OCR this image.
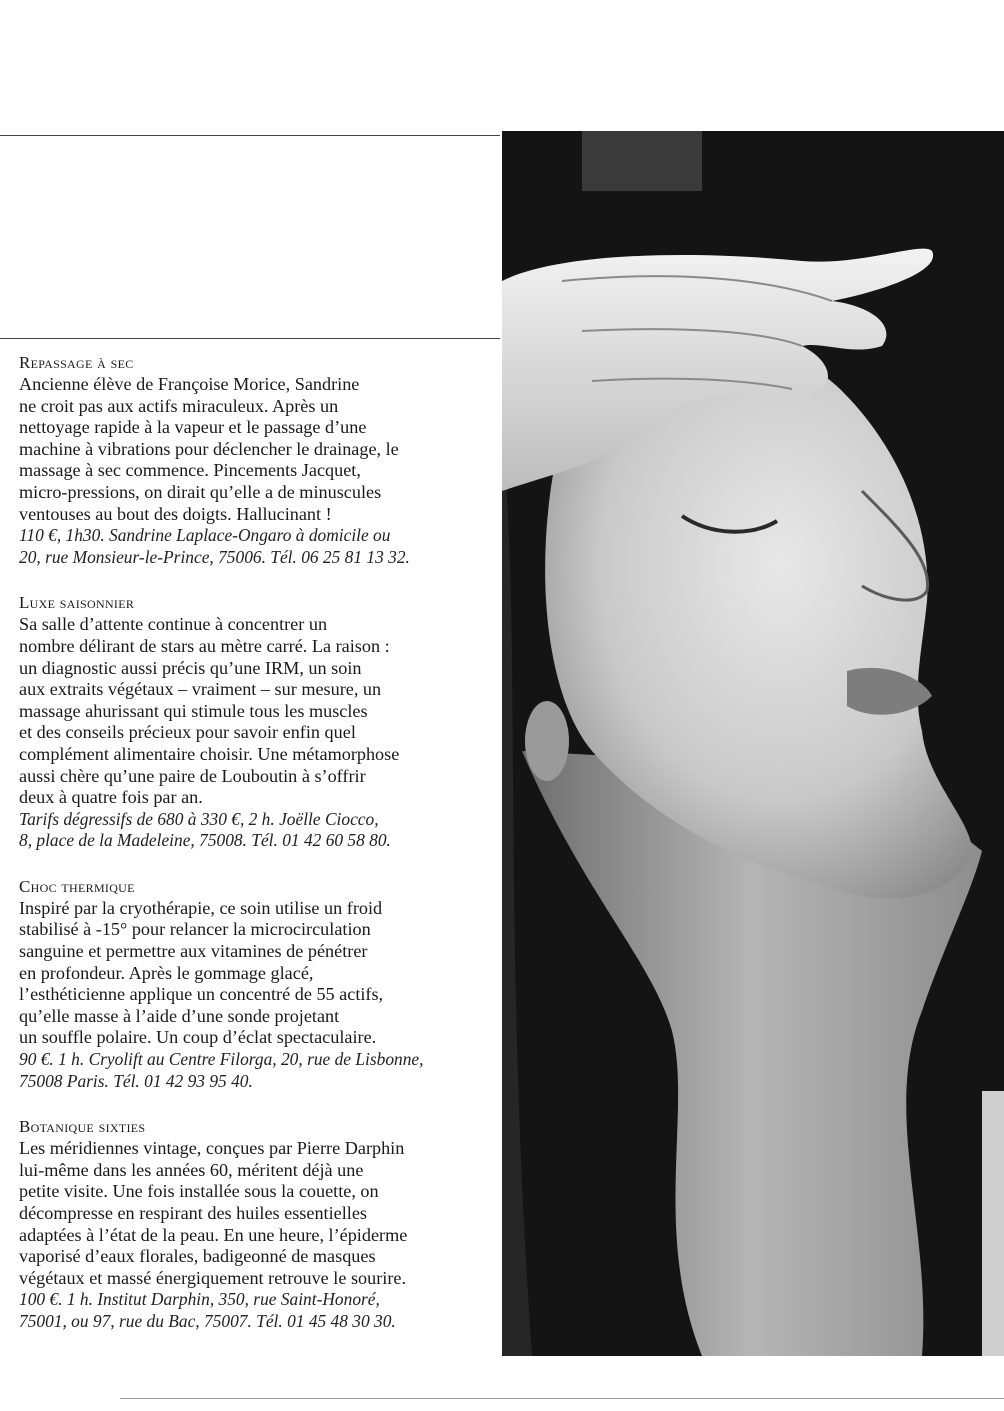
Repassage à sec

Ancienne élève de Françoise Morice, Sandrine
ne croit pas aux actifs miraculeux. Après un
nettoyage rapide à la vapeur et le passage d’une
machine à vibrations pour déclencher le drainage, le
massage à sec commence. Pincements Jacquet,
micro-pressions, on dirait qu’elle a de minuscules
ventouses au bout des doigts. Hallucinant !

110 €, 1h30. Sandrine Laplace-Ongaro à domicile ou
20, rue Monsieur-le-Prince, 75006. Tél. 06 25 81 13 32.

Luxe saisonnier

Sa salle d’attente continue à concentrer un
nombre délirant de stars au mètre carré. La raison :
un diagnostic aussi précis qu’une IRM, un soin
aux extraits végétaux – vraiment – sur mesure, un
massage ahurissant qui stimule tous les muscles
et des conseils précieux pour savoir enfin quel
complément alimentaire choisir. Une métamorphose
aussi chère qu’une paire de Louboutin à s’offrir
deux à quatre fois par an.

Tarifs dégressifs de 680 à 330 €, 2 h. Joëlle Ciocco,
8, place de la Madeleine, 75008. Tél. 01 42 60 58 80.

Choc thermique

Inspiré par la cryothérapie, ce soin utilise un froid
stabilisé à -15° pour relancer la microcirculation
sanguine et permettre aux vitamines de pénétrer
en profondeur. Après le gommage glacé,
l’esthéticienne applique un concentré de 55 actifs,
qu’elle masse à l’aide d’une sonde projetant
un souffle polaire. Un coup d’éclat spectaculaire.

90 €. 1 h. Cryolift au Centre Filorga, 20, rue de Lisbonne,
75008 Paris. Tél. 01 42 93 95 40.

Botanique sixties

Les méridiennes vintage, conçues par Pierre Darphin
lui-même dans les années 60, méritent déjà une
petite visite. Une fois installée sous la couette, on
décompresse en respirant des huiles essentielles
adaptées à l’état de la peau. En une heure, l’épiderme
vaporisé d’eaux florales, badigeonné de masques
végétaux et massé énergiquement retrouve le sourire.

100 €. 1 h. Institut Darphin, 350, rue Saint-Honoré,
75001, ou 97, rue du Bac, 75007. Tél. 01 45 48 30 30.
